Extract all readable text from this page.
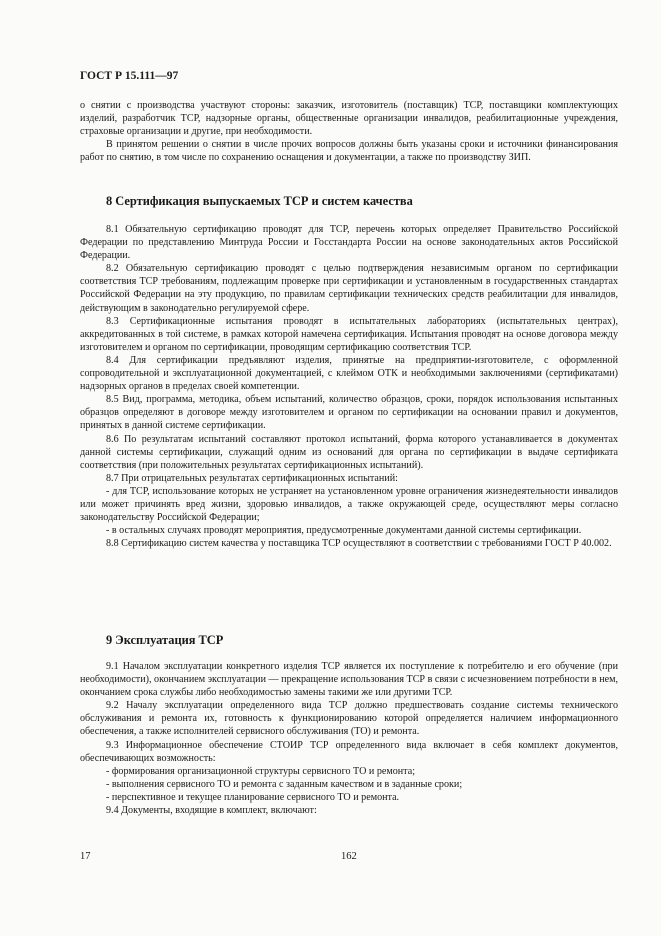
ГОСТ Р 15.111—97

о снятии с производства участвуют стороны: заказчик, изготовитель (поставщик) ТСР, поставщики комплектующих изделий, разработчик ТСР, надзорные органы, общественные организации инвалидов, реабилитационные учреждения, страховые организации и другие, при необходимости.

В принятом решении о снятии в числе прочих вопросов должны быть указаны сроки и источники финансирования работ по снятию, в том числе по сохранению оснащения и документации, а также по производству ЗИП.

8 Сертификация выпускаемых ТСР и систем качества

8.1 Обязательную сертификацию проводят для ТСР, перечень которых определяет Правительство Российской Федерации по представлению Минтруда России и Госстандарта России на основе законодательных актов Российской Федерации.

8.2 Обязательную сертификацию проводят с целью подтверждения независимым органом по сертификации соответствия ТСР требованиям, подлежащим проверке при сертификации и установленным в государственных стандартах Российской Федерации на эту продукцию, по правилам сертификации технических средств реабилитации для инвалидов, действующим в законодательно регулируемой сфере.

8.3 Сертификационные испытания проводят в испытательных лабораториях (испытательных центрах), аккредитованных в той системе, в рамках которой намечена сертификация. Испытания проводят на основе договора между изготовителем и органом по сертификации, проводящим сертификацию соответствия ТСР.

8.4 Для сертификации предъявляют изделия, принятые на предприятии-изготовителе, с оформленной сопроводительной и эксплуатационной документацией, с клеймом ОТК и необходимыми заключениями (сертификатами) надзорных органов в пределах своей компетенции.

8.5 Вид, программа, методика, объем испытаний, количество образцов, сроки, порядок использования испытанных образцов определяют в договоре между изготовителем и органом по сертификации на основании правил и документов, принятых в данной системе сертификации.

8.6 По результатам испытаний составляют протокол испытаний, форма которого устанавливается в документах данной системы сертификации, служащий одним из оснований для органа по сертификации в выдаче сертификата соответствия (при положительных результатах сертификационных испытаний).

8.7 При отрицательных результатах сертификационных испытаний:

- для ТСР, использование которых не устраняет на установленном уровне ограничения жизнедеятельности инвалидов или может причинять вред жизни, здоровью инвалидов, а также окружающей среде, осуществляют меры согласно законодательству Российской Федерации;

- в остальных случаях проводят мероприятия, предусмотренные документами данной системы сертификации.

8.8 Сертификацию систем качества у поставщика ТСР осуществляют в соответствии с требованиями ГОСТ Р 40.002.

9 Эксплуатация ТСР

9.1 Началом эксплуатации конкретного изделия ТСР является их поступление к потребителю и его обучение (при необходимости), окончанием эксплуатации — прекращение использования ТСР в связи с исчезновением потребности в нем, окончанием срока службы либо необходимостью замены такими же или другими ТСР.

9.2 Началу эксплуатации определенного вида ТСР должно предшествовать создание системы технического обслуживания и ремонта их, готовность к функционированию которой определяется наличием информационного обеспечения, а также исполнителей сервисного обслуживания (ТО) и ремонта.

9.3 Информационное обеспечение СТОИР ТСР определенного вида включает в себя комплект документов, обеспечивающих возможность:

- формирования организационной структуры сервисного ТО и ремонта;

- выполнения сервисного ТО и ремонта с заданным качеством и в заданные сроки;

- перспективное и текущее планирование сервисного ТО и ремонта.

9.4 Документы, входящие в комплект, включают:

17	162
